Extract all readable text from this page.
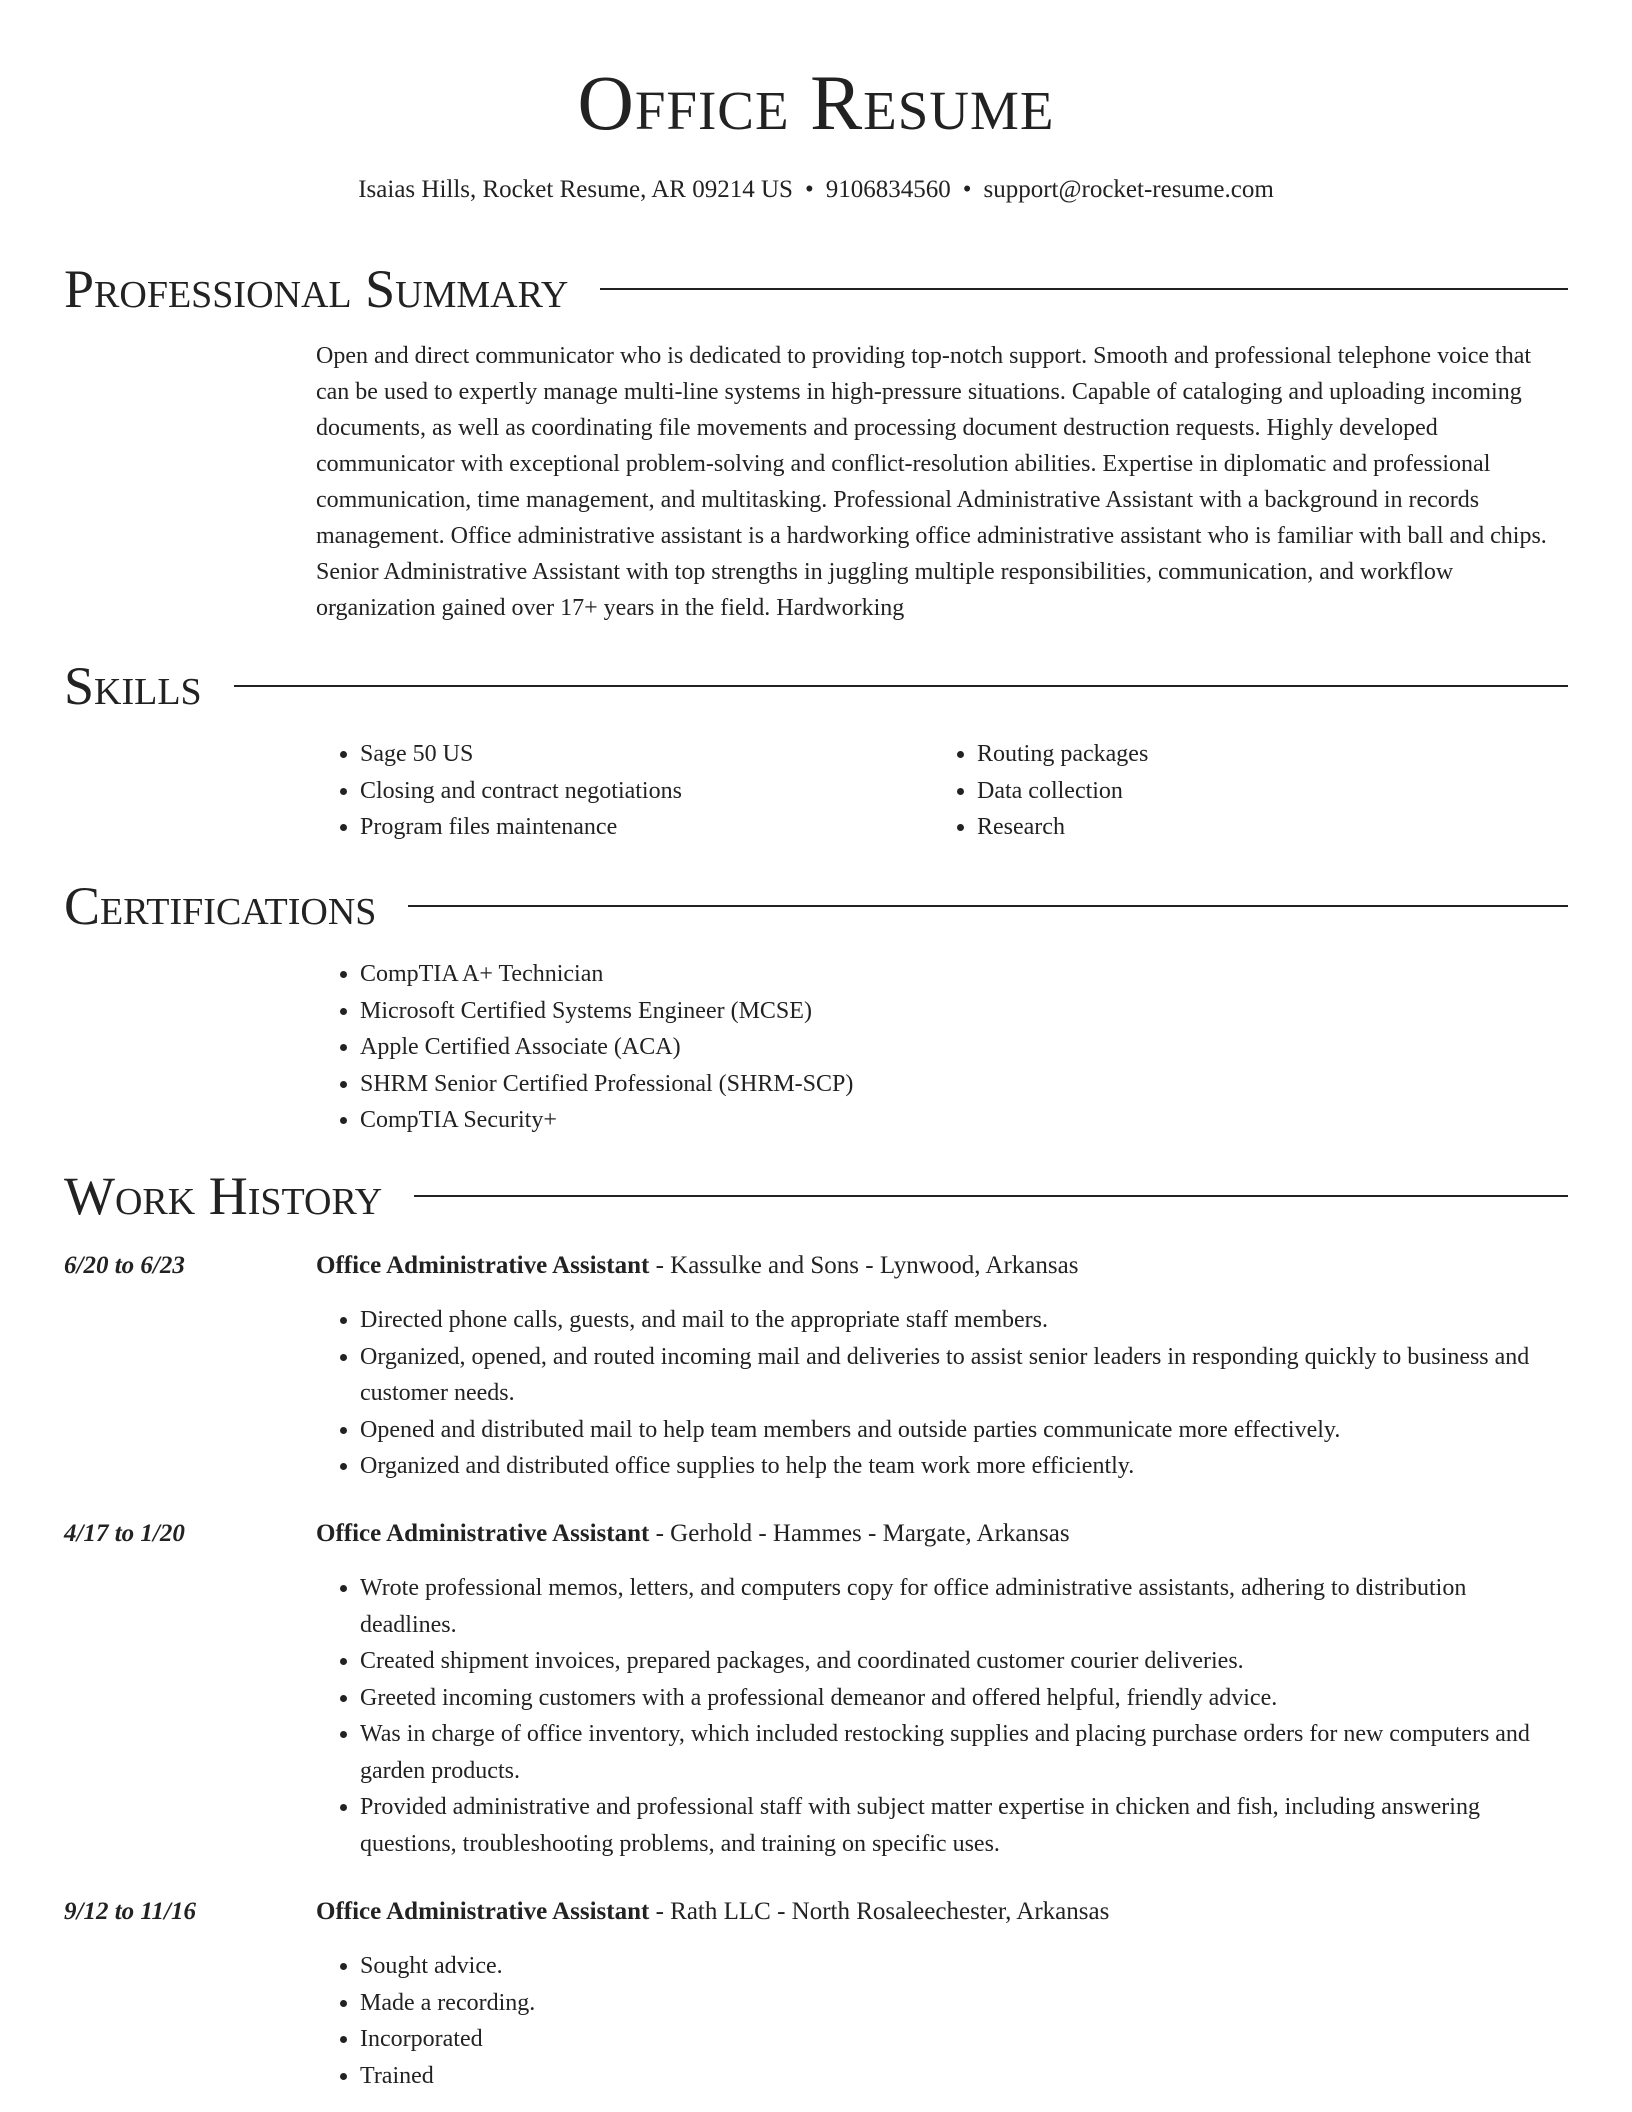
Office Resume

Isaias Hills, Rocket Resume, AR 09214 US • 9106834560 • support@rocket-resume.com

Professional Summary

Open and direct communicator who is dedicated to providing top-notch support. Smooth and professional telephone voice that can be used to expertly manage multi-line systems in high-pressure situations. Capable of cataloging and uploading incoming documents, as well as coordinating file movements and processing document destruction requests. Highly developed communicator with exceptional problem-solving and conflict-resolution abilities. Expertise in diplomatic and professional communication, time management, and multitasking. Professional Administrative Assistant with a background in records management. Office administrative assistant is a hardworking office administrative assistant who is familiar with ball and chips. Senior Administrative Assistant with top strengths in juggling multiple responsibilities, communication, and workflow organization gained over 17+ years in the field. Hardworking

Skills
• Sage 50 US
• Closing and contract negotiations
• Program files maintenance
• Routing packages
• Data collection
• Research
Certifications
• CompTIA A+ Technician
• Microsoft Certified Systems Engineer (MCSE)
• Apple Certified Associate (ACA)
• SHRM Senior Certified Professional (SHRM-SCP)
• CompTIA Security+
Work History
6/20 to 6/23	Office Administrative Assistant - Kassulke and Sons - Lynwood, Arkansas
• Directed phone calls, guests, and mail to the appropriate staff members.
• Organized, opened, and routed incoming mail and deliveries to assist senior leaders in responding quickly to business and customer needs.
• Opened and distributed mail to help team members and outside parties communicate more effectively.
• Organized and distributed office supplies to help the team work more efficiently.
4/17 to 1/20	Office Administrative Assistant - Gerhold - Hammes - Margate, Arkansas
• Wrote professional memos, letters, and computers copy for office administrative assistants, adhering to distribution deadlines.
• Created shipment invoices, prepared packages, and coordinated customer courier deliveries.
• Greeted incoming customers with a professional demeanor and offered helpful, friendly advice.
• Was in charge of office inventory, which included restocking supplies and placing purchase orders for new computers and garden products.
• Provided administrative and professional staff with subject matter expertise in chicken and fish, including answering questions, troubleshooting problems, and training on specific uses.
9/12 to 11/16	Office Administrative Assistant - Rath LLC - North Rosaleechester, Arkansas
• Sought advice.
• Made a recording.
• Incorporated
• Trained
